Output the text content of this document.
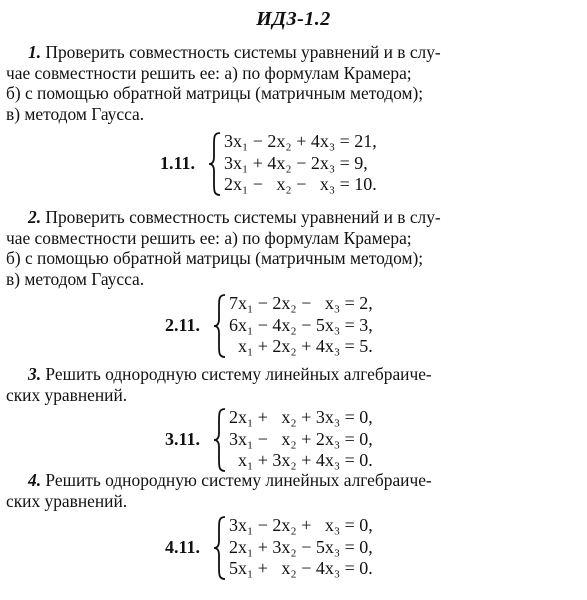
ИДЗ-1.2
1. Проверить совместность системы уравнений и в слу-
чае совместности решить ее: а) по формулам Крамера;
б) с помощью обратной матрицы (матричным методом);
в) методом Гаусса.
1.11.
3x₁ − 2x₂ + 4x₃ = 21,
3x₁ + 4x₂ − 2x₃ = 9,
2x₁ −   x₂ −   x₃ = 10.
2. Проверить совместность системы уравнений и в слу-
чае совместности решить ее: а) по формулам Крамера;
б) с помощью обратной матрицы (матричным методом);
в) методом Гаусса.
2.11.
7x₁ − 2x₂ −   x₃ = 2,
6x₁ − 4x₂ − 5x₃ = 3,
x₁ + 2x₂ + 4x₃ = 5.
3. Решить однородную систему линейных алгебраиче-
ских уравнений.
3.11.
2x₁ +   x₂ + 3x₃ = 0,
3x₁ −   x₂ + 2x₃ = 0,
x₁ + 3x₂ + 4x₃ = 0.
4. Решить однородную систему линейных алгебраиче-
ских уравнений.
4.11.
3x₁ − 2x₂ +   x₃ = 0,
2x₁ + 3x₂ − 5x₃ = 0,
5x₁ +   x₂ − 4x₃ = 0.
